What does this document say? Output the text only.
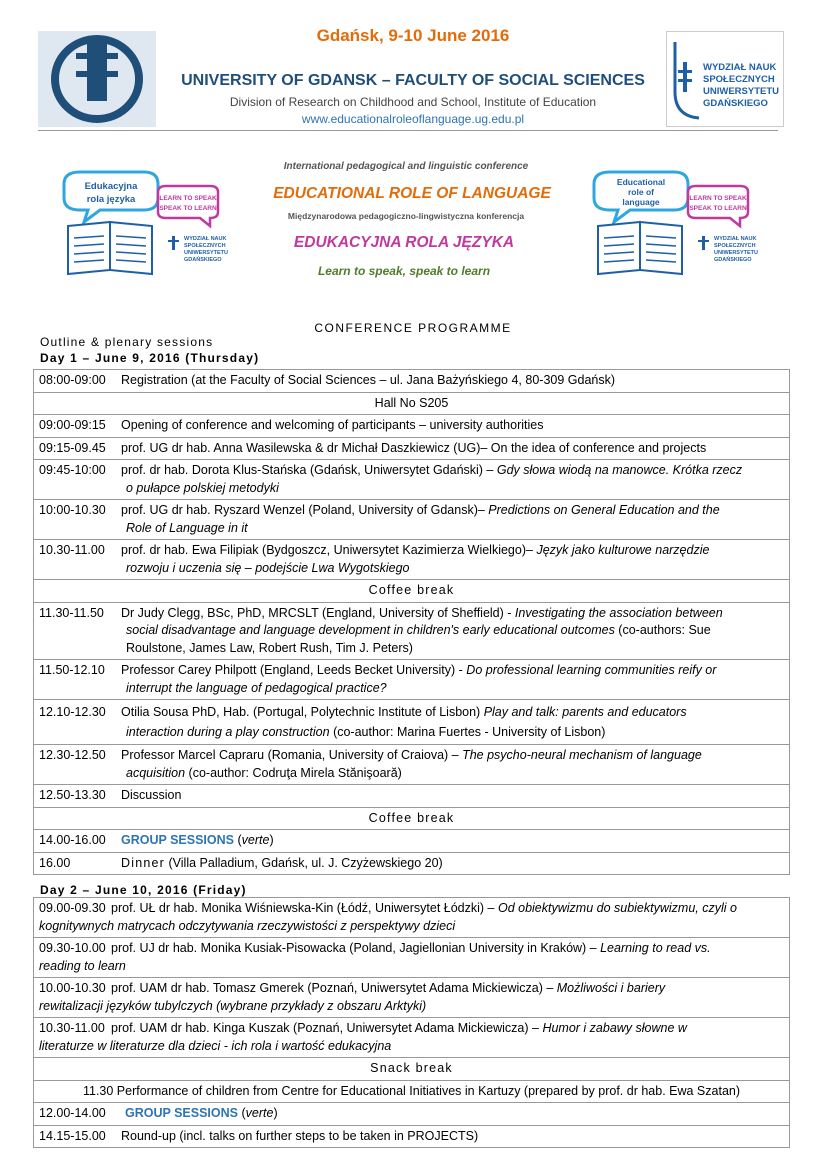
Gdańsk, 9-10 June 2016
WYDZIAŁ NAUK
SPOŁECZNYCH
UNIWERSYTETU
GDAŃSKIEGO
UNIVERSITY OF GDANSK – FACULTY OF SOCIAL SCIENCES
Division of Research on Childhood and School, Institute of Education
www.educationalroleoflanguage.ug.edu.pl
Edukacyjna
rola języka	LEARN TO SPEAK
SPEAK TO LEARN
WYDZIAŁ NAUK
SPOŁECZNYCH
UNIWERSYTETU
GDAŃSKIEGO
International pedagogical and linguistic conference
EDUCATIONAL ROLE OF LANGUAGE
Międzynarodowa pedagogiczno-lingwistyczna konferencja
EDUKACYJNA ROLA JĘZYKA
Learn to speak, speak to learn
Educational
role of
language	LEARN TO SPEAK
SPEAK TO LEARN
WYDZIAŁ NAUK
SPOŁECZNYCH
UNIWERSYTETU
GDAŃSKIEGO
CONFERENCE PROGRAMME
Outline & plenary sessions
Day 1 – June 9, 2016 (Thursday)
08:00-09:00 Registration (at the Faculty of Social Sciences – ul. Jana Bażyńskiego 4, 80-309 Gdańsk)
Hall No S205
09:00-09:15 Opening of conference and welcoming of participants – university authorities
09:15-09.45 prof. UG dr hab. Anna Wasilewska & dr Michał Daszkiewicz (UG)– On the idea of conference and projects
09:45-10:00 prof. dr hab. Dorota Klus-Stańska (Gdańsk, Uniwersytet Gdański) – Gdy słowa wiodą na manowce. Krótka rzecz
o pułapce polskiej metodyki
10:00-10.30 prof. UG dr hab. Ryszard Wenzel (Poland, University of Gdansk)– Predictions on General Education and the
Role of Language in it
10.30-11.00 prof. dr hab. Ewa Filipiak (Bydgoszcz, Uniwersytet Kazimierza Wielkiego)– Język jako kulturowe narzędzie
rozwoju i uczenia się – podejście Lwa Wygotskiego
Coffee break
11.30-11.50 Dr Judy Clegg, BSc, PhD, MRCSLT (England, University of Sheffield) - Investigating the association between
social disadvantage and language development in children's early educational outcomes (co-authors: Sue
Roulstone, James Law, Robert Rush, Tim J. Peters)
11.50-12.10 Professor Carey Philpott (England, Leeds Becket University) - Do professional learning communities reify or
interrupt the language of pedagogical practice?
12.10-12.30 Otilia Sousa PhD, Hab. (Portugal, Polytechnic Institute of Lisbon) Play and talk: parents and educators
interaction during a play construction (co-author: Marina Fuertes - University of Lisbon)
12.30-12.50 Professor Marcel Capraru (Romania, University of Craiova) – The psycho-neural mechanism of language
acquisition (co-author: Codruţa Mirela Stănişoară)
12.50-13.30 Discussion
Coffee break
14.00-16.00 GROUP SESSIONS (verte)
16.00	Dinner (Villa Palladium, Gdańsk, ul. J. Czyżewskiego 20)
Day 2 – June 10, 2016 (Friday)
09.00-09.30 prof. UŁ dr hab. Monika Wiśniewska-Kin (Łódź, Uniwersytet Łódzki) – Od obiektywizmu do subiektywizmu, czyli o
kognitywnych matrycach odczytywania rzeczywistości z perspektywy dzieci
09.30-10.00 prof. UJ dr hab. Monika Kusiak-Pisowacka (Poland, Jagiellonian University in Kraków) – Learning to read vs.
reading to learn
10.00-10.30 prof. UAM dr hab. Tomasz Gmerek (Poznań, Uniwersytet Adama Mickiewicza) – Możliwości i bariery
rewitalizacji języków tubylczych (wybrane przykłady z obszaru Arktyki)
10.30-11.00 prof. UAM dr hab. Kinga Kuszak (Poznań, Uniwersytet Adama Mickiewicza) – Humor i zabawy słowne w
literaturze w literaturze dla dzieci - ich rola i wartość edukacyjna
Snack break
11.30 Performance of children from Centre for Educational Initiatives in Kartuzy (prepared by prof. dr hab. Ewa Szatan)
12.00-14.00 GROUP SESSIONS (verte)
14.15-15.00 Round-up (incl. talks on further steps to be taken in PROJECTS)
